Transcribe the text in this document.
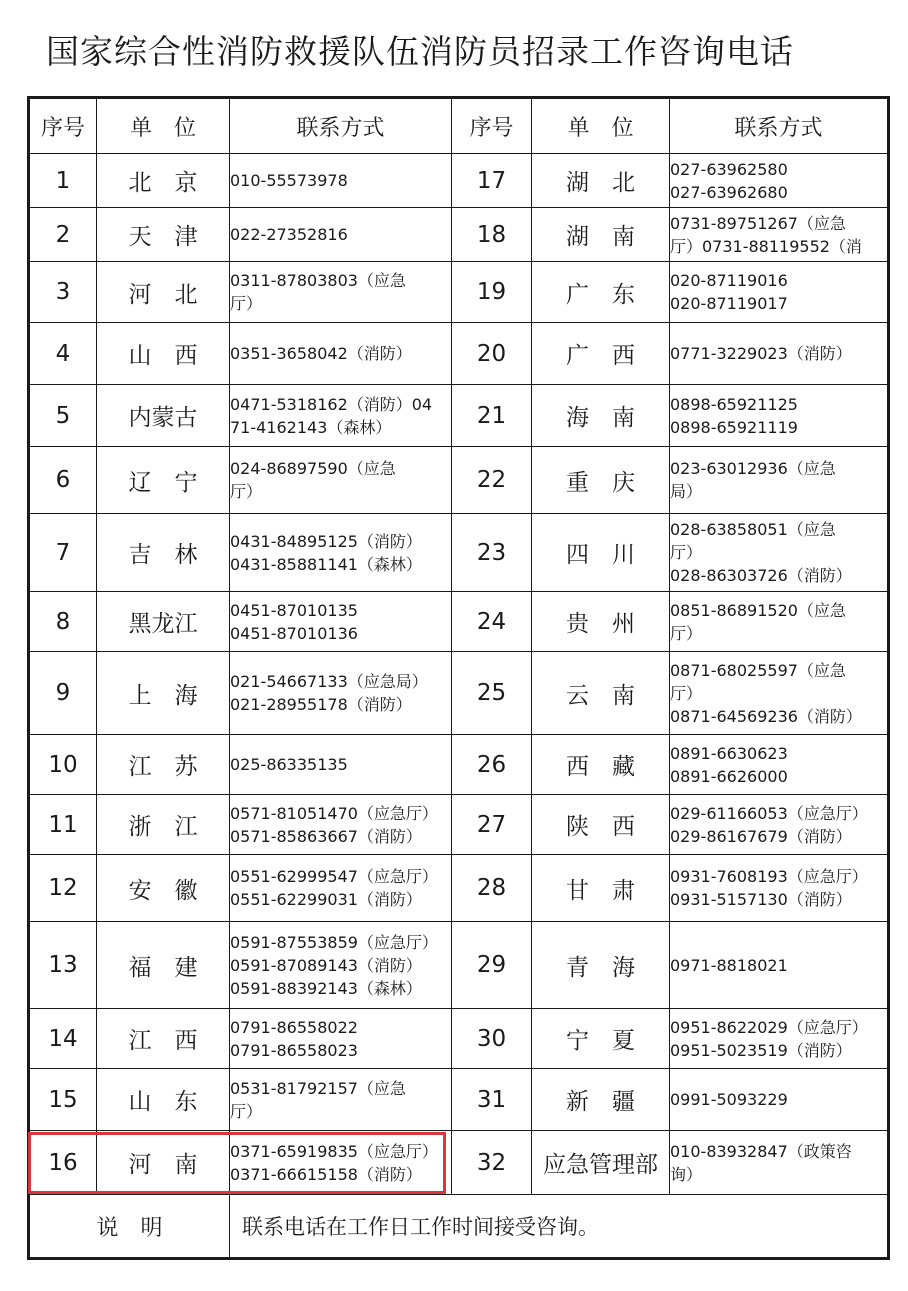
国家综合性消防救援队伍消防员招录工作咨询电话
序号	单　位	联系方式	序号	单　位	联系方式
1	北　京	010-55573978	17	湖　北	027-63962580
027-63962680

2	天　津	022-27352816	18	湖　南	0731-89751267（应急
厅）0731-88119552（消

3	河　北	0311-87803803（应急
厅）	19	广　东	020-87119016
020-87119017

4	山　西	0351-3658042（消防）	20	广　西	0771-3229023（消防）

5	内蒙古	0471-5318162（消防）04
71-4162143（森林）	21	海　南	0898-65921125
0898-65921119

6	辽　宁	024-86897590（应急
厅）	22	重　庆	023-63012936（应急
局）

7	吉　林	0431-84895125（消防）
0431-85881141（森林）	23	四　川	028-63858051（应急
厅）
028-86303726（消防）

8	黑龙江	0451-87010135
0451-87010136	24	贵　州	0851-86891520（应急
厅）

9	上　海	021-54667133（应急局）
021-28955178（消防）	25	云　南	0871-68025597（应急
厅）
0871-64569236（消防）

10	江　苏	025-86335135	26	西　藏	0891-6630623
0891-6626000

11	浙　江	0571-81051470（应急厅）
0571-85863667（消防）	27	陕　西	029-61166053（应急厅）
029-86167679（消防）

12	安　徽	0551-62999547（应急厅）
0551-62299031（消防）	28	甘　肃	0931-7608193（应急厅）
0931-5157130（消防）

13	福　建	0591-87553859（应急厅）
0591-87089143（消防）
0591-88392143（森林）	29	青　海	0971-8818021

14	江　西	0791-86558022
0791-86558023	30	宁　夏	0951-8622029（应急厅）
0951-5023519（消防）

15	山　东	0531-81792157（应急
厅）	31	新　疆	0991-5093229

16	河　南	0371-65919835（应急厅）
0371-66615158（消防）	32	应急管理部	010-83932847（政策咨
询）

说明		联系电话在工作日工作时间接受咨询。			
